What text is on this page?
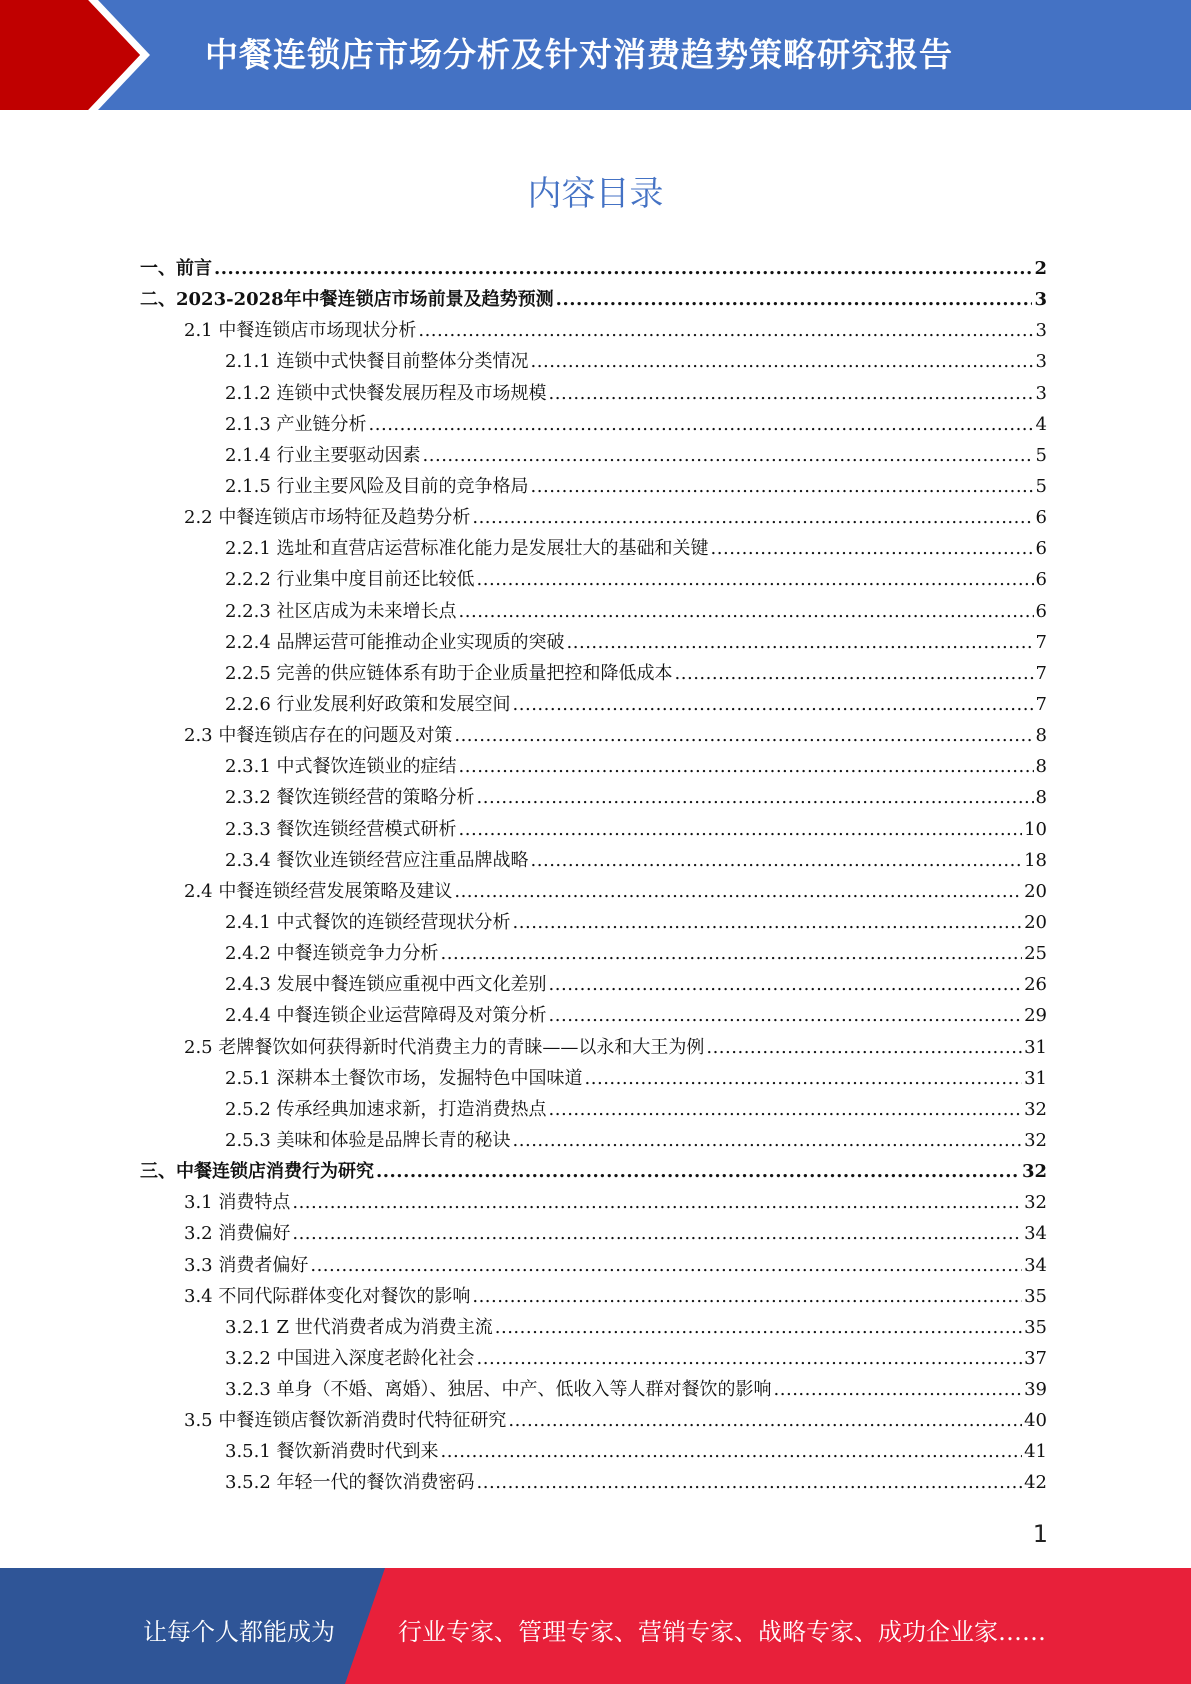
中餐连锁店市场分析及针对消费趋势策略研究报告
内容目录
一、前言 .....	2
二、2023-2028年中餐连锁店市场前景及趋势预测 .....	3
2.1 中餐连锁店市场现状分析 .....	3
2.1.1 连锁中式快餐目前整体分类情况 .....	3
2.1.2 连锁中式快餐发展历程及市场规模 .....	3
2.1.3 产业链分析 .....	4
2.1.4 行业主要驱动因素 .....	5
2.1.5 行业主要风险及目前的竞争格局 .....	5
2.2 中餐连锁店市场特征及趋势分析 .....	6
2.2.1 选址和直营店运营标准化能力是发展壮大的基础和关键 .....	6
2.2.2 行业集中度目前还比较低 .....	6
2.2.3 社区店成为未来增长点 .....	6
2.2.4 品牌运营可能推动企业实现质的突破 .....	7
2.2.5 完善的供应链体系有助于企业质量把控和降低成本 .....	7
2.2.6 行业发展利好政策和发展空间 .....	7
2.3 中餐连锁店存在的问题及对策 .....	8
2.3.1 中式餐饮连锁业的症结 .....	8
2.3.2 餐饮连锁经营的策略分析 .....	8
2.3.3 餐饮连锁经营模式研析 .....	10
2.3.4 餐饮业连锁经营应注重品牌战略 .....	18
2.4 中餐连锁经营发展策略及建议 .....	20
2.4.1 中式餐饮的连锁经营现状分析 .....	20
2.4.2 中餐连锁竞争力分析 .....	25
2.4.3 发展中餐连锁应重视中西文化差别 .....	26
2.4.4 中餐连锁企业运营障碍及对策分析 .....	29
2.5 老牌餐饮如何获得新时代消费主力的青睐——以永和大王为例 .....	31
2.5.1 深耕本土餐饮市场，发掘特色中国味道 .....	31
2.5.2 传承经典加速求新，打造消费热点 .....	32
2.5.3 美味和体验是品牌长青的秘诀 .....	32
三、中餐连锁店消费行为研究 .....	32
3.1 消费特点 .....	32
3.2 消费偏好 .....	34
3.3 消费者偏好 .....	34
3.4 不同代际群体变化对餐饮的影响 .....	35
3.2.1 Z 世代消费者成为消费主流 .....	35
3.2.2 中国进入深度老龄化社会 .....	37
3.2.3 单身（不婚、离婚）、独居、中产、低收入等人群对餐饮的影响 .....	39
3.5 中餐连锁店餐饮新消费时代特征研究 .....	40
3.5.1 餐饮新消费时代到来 .....	41
3.5.2 年轻一代的餐饮消费密码 .....	42
1
让每个人都能成为	行业专家、管理专家、营销专家、战略专家、成功企业家……
